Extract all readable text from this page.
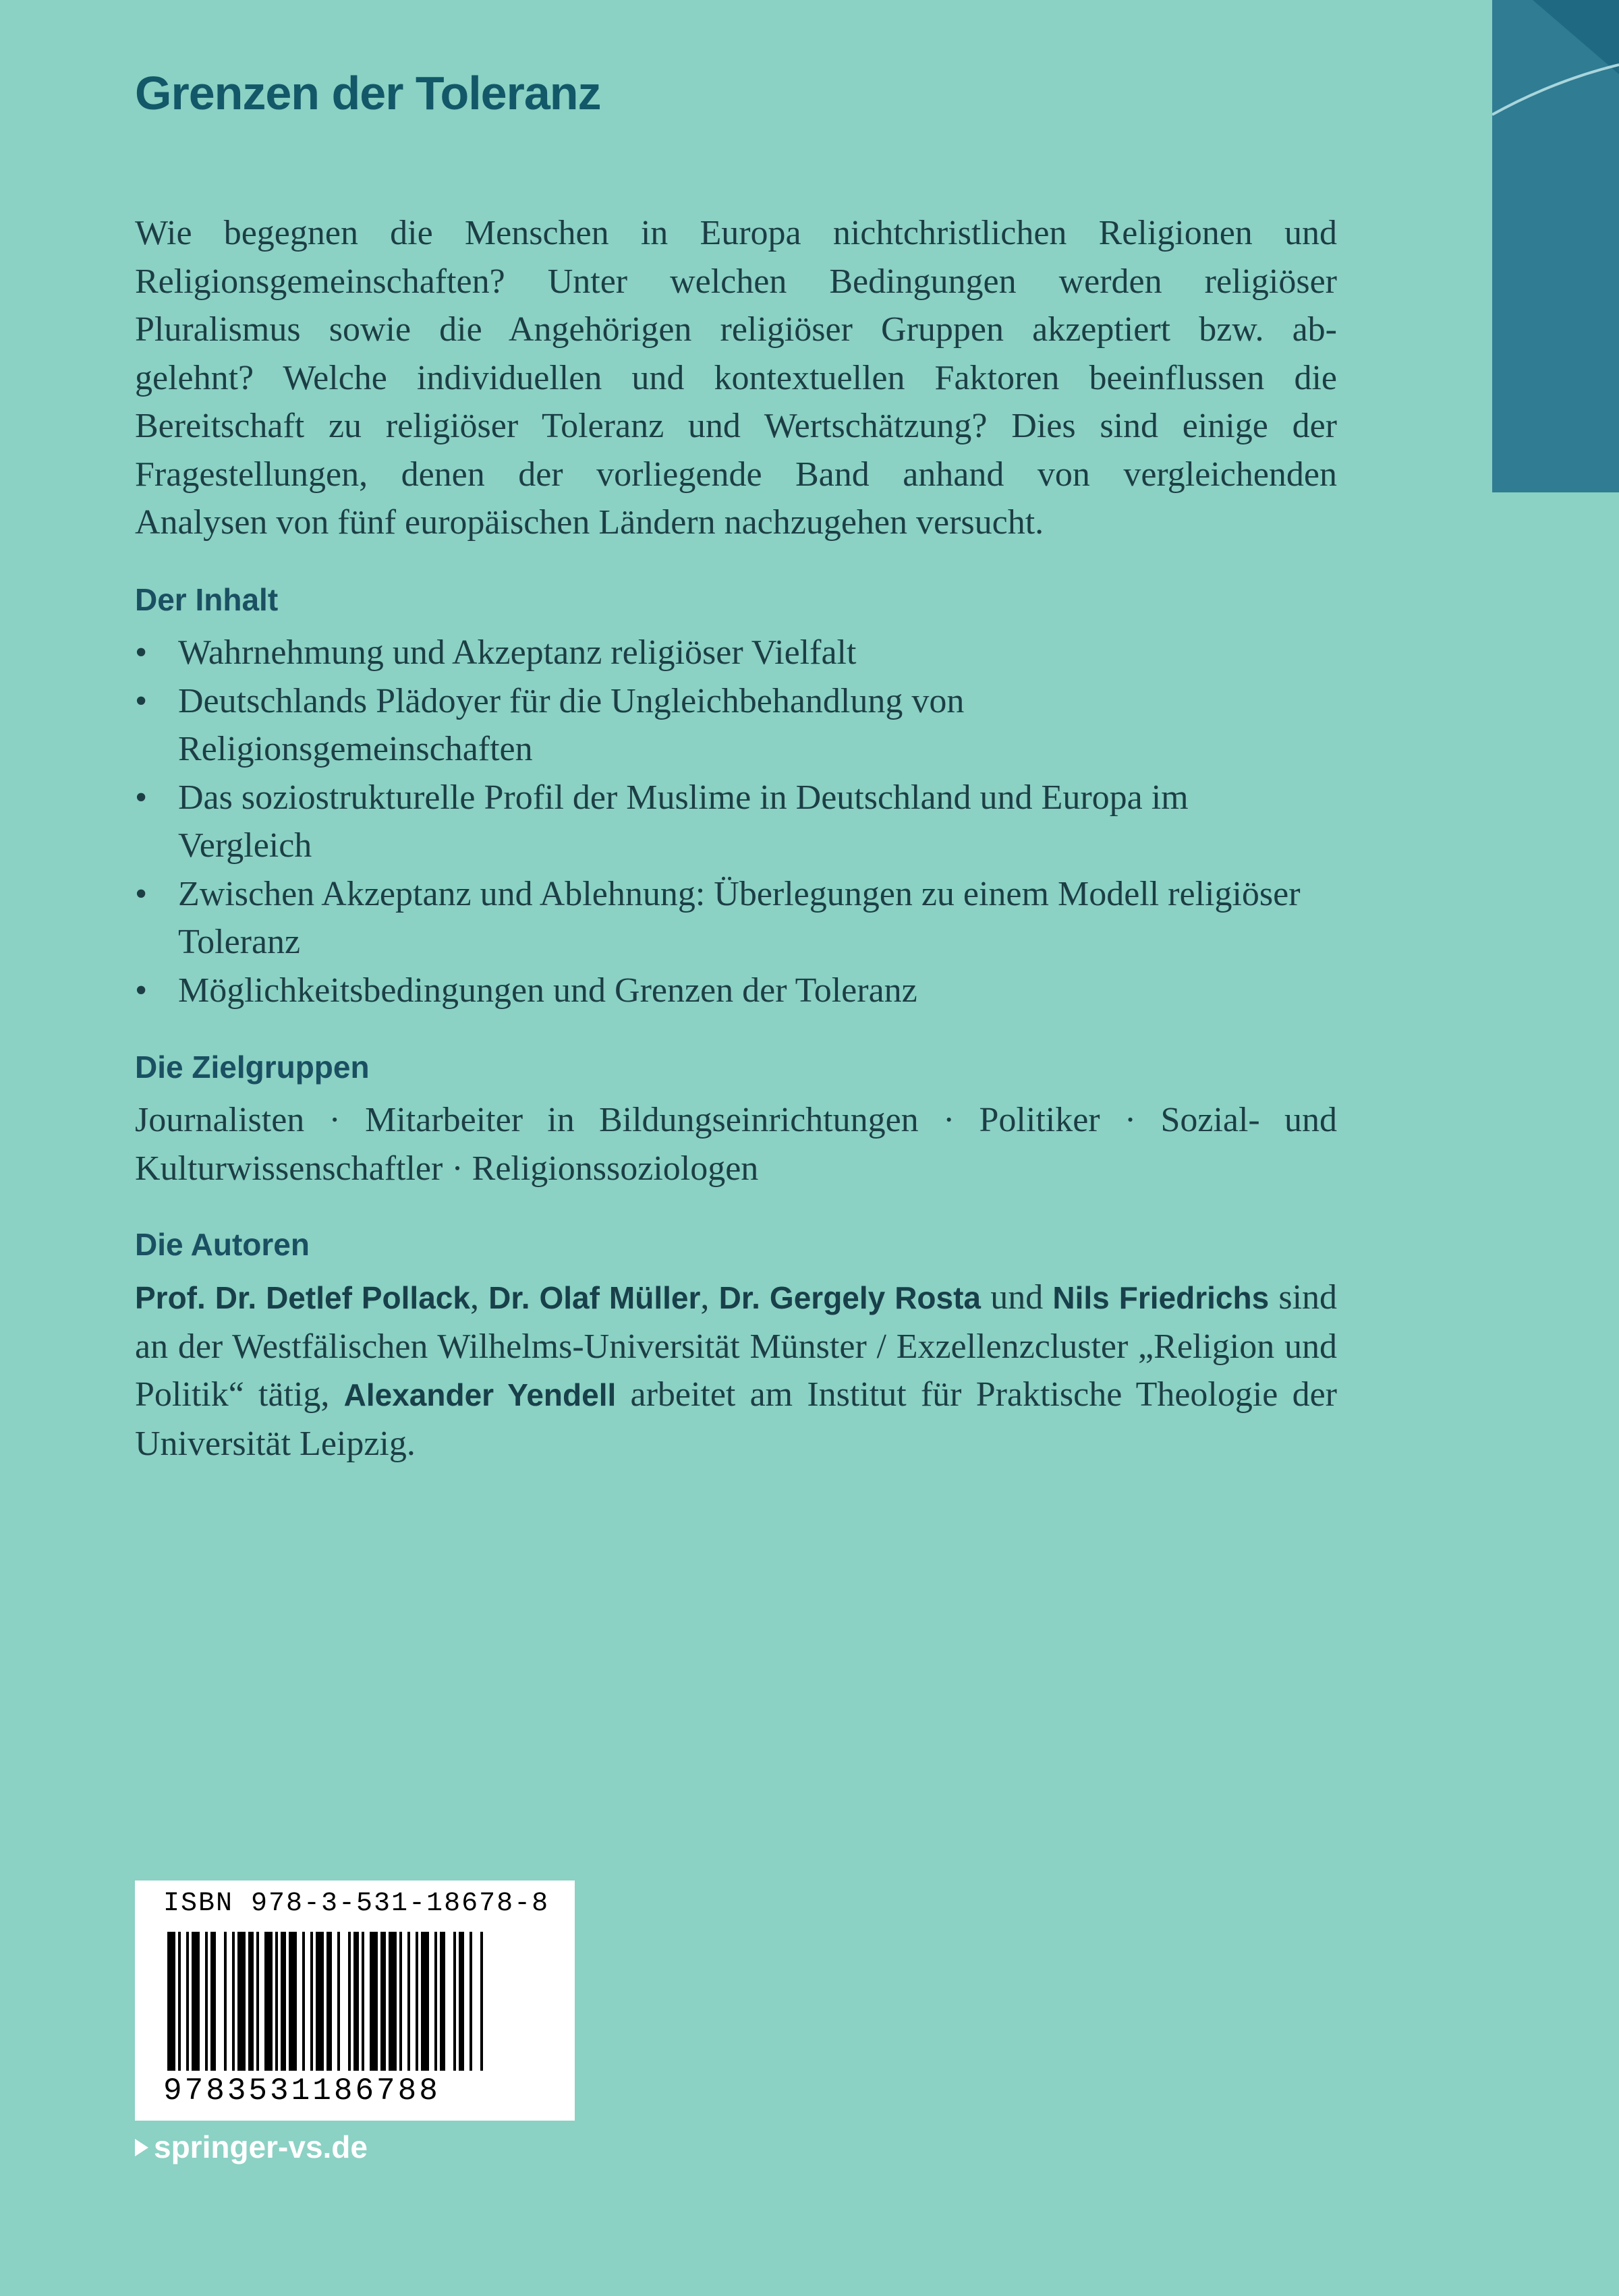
Grenzen der Toleranz
Wie begegnen die Menschen in Europa nichtchristlichen Religionen und
Religionsgemeinschaften? Unter welchen Bedingungen werden religiöser
Pluralismus sowie die Angehörigen religiöser Gruppen akzeptiert bzw. ab-
gelehnt? Welche individuellen und kontextuellen Faktoren beeinflussen die
Bereitschaft zu religiöser Toleranz und Wertschätzung? Dies sind einige der
Fragestellungen, denen der vorliegende Band anhand von vergleichenden
Analysen von fünf europäischen Ländern nachzugehen versucht.
Der Inhalt
• Wahrnehmung und Akzeptanz religiöser Vielfalt
• Deutschlands Plädoyer für die Ungleichbehandlung von Religionsgemeinschaften
• Das soziostrukturelle Profil der Muslime in Deutschland und Europa im Vergleich
• Zwischen Akzeptanz und Ablehnung: Überlegungen zu einem Modell religiöser Toleranz
• Möglichkeitsbedingungen und Grenzen der Toleranz
Die Zielgruppen
Journalisten · Mitarbeiter in Bildungseinrichtungen · Politiker · Sozial- und
Kulturwissenschaftler · Religionssoziologen
Die Autoren

Prof. Dr. Detlef Pollack, Dr. Olaf Müller, Dr. Gergely Rosta und Nils Friedrichs sind an der Westfälischen Wilhelms-Universität Münster / Exzellenzcluster „Religion und Politik“ tätig, Alexander Yendell arbeitet am Institut für Praktische Theologie der Universität Leipzig.

ISBN 978-3-531-18678-8
9783531186788
springer-vs.de
